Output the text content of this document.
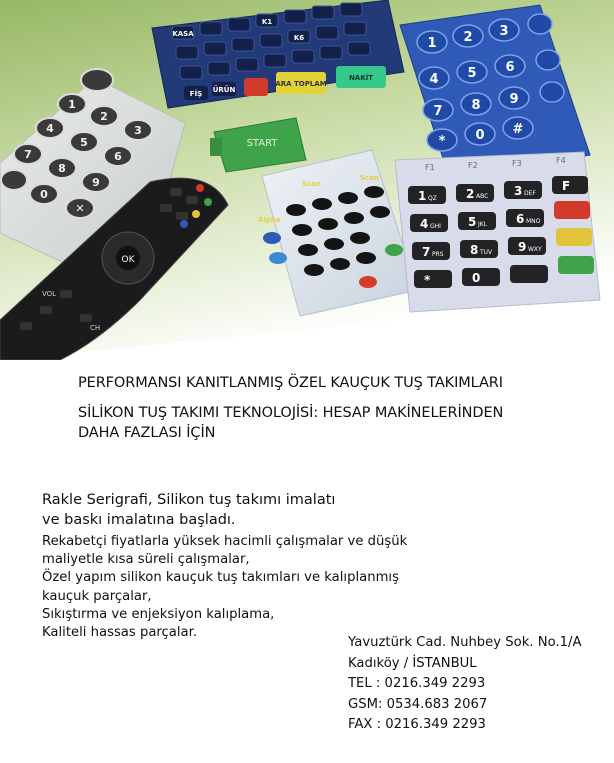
1
2
3
4
5
6
7
8
9
0
✕
KASA
K1
K6
FİŞ ÜRÜN
ARA TOPLAM
NAKİT
1 2 3
4 5 6
7 8 9
* 0 #
START
OK
VOL
CH
Scan
Scan
Alpha
F1	F2	F3	F4
1	2	3
4	5	6
7	8	9
*	0
F
QZ	ABC	DEF
GHI	JKL	MNO
PRS	TUV	WXY
PERFORMANSI KANITLANMIŞ ÖZEL KAUÇUK TUŞ TAKIMLARI
SİLİKON TUŞ TAKIMI TEKNOLOJİSİ: HESAP MAKİNELERİNDEN
DAHA FAZLASI İÇİN
Rakle Serigrafi, Silikon tuş takımı imalatı
ve baskı imalatına başladı.
Rekabetçi fiyatlarla yüksek hacimli çalışmalar ve düşük
maliyetle kısa süreli çalışmalar,
Özel yapım silikon kauçuk tuş takımları ve kalıplanmış
kauçuk parçalar,
Sıkıştırma ve enjeksiyon kalıplama,
Kaliteli hassas parçalar.
Yavuztürk Cad. Nuhbey Sok. No.1/A
Kadıköy / İSTANBUL
TEL : 0216.349 2293
GSM: 0534.683 2067
FAX : 0216.349 2293
